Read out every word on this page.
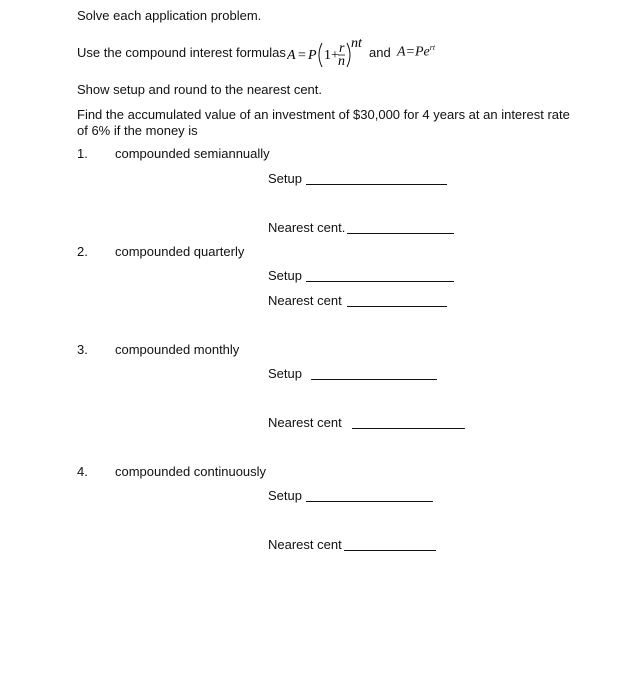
Solve each application problem.
Use the compound interest formulas A = P 1+ r
n
nt
and $A=Pe^{rt}$
Show setup and round to the nearest cent.
Find the accumulated value of an investment of $30,000 for 4 years at an interest rate
of 6% if the money is
1. compounded semiannually
Setup
Nearest cent.
2. compounded quarterly
Setup
Nearest cent
3. compounded monthly
Setup
Nearest cent
4. compounded continuously
Setup
Nearest cent
